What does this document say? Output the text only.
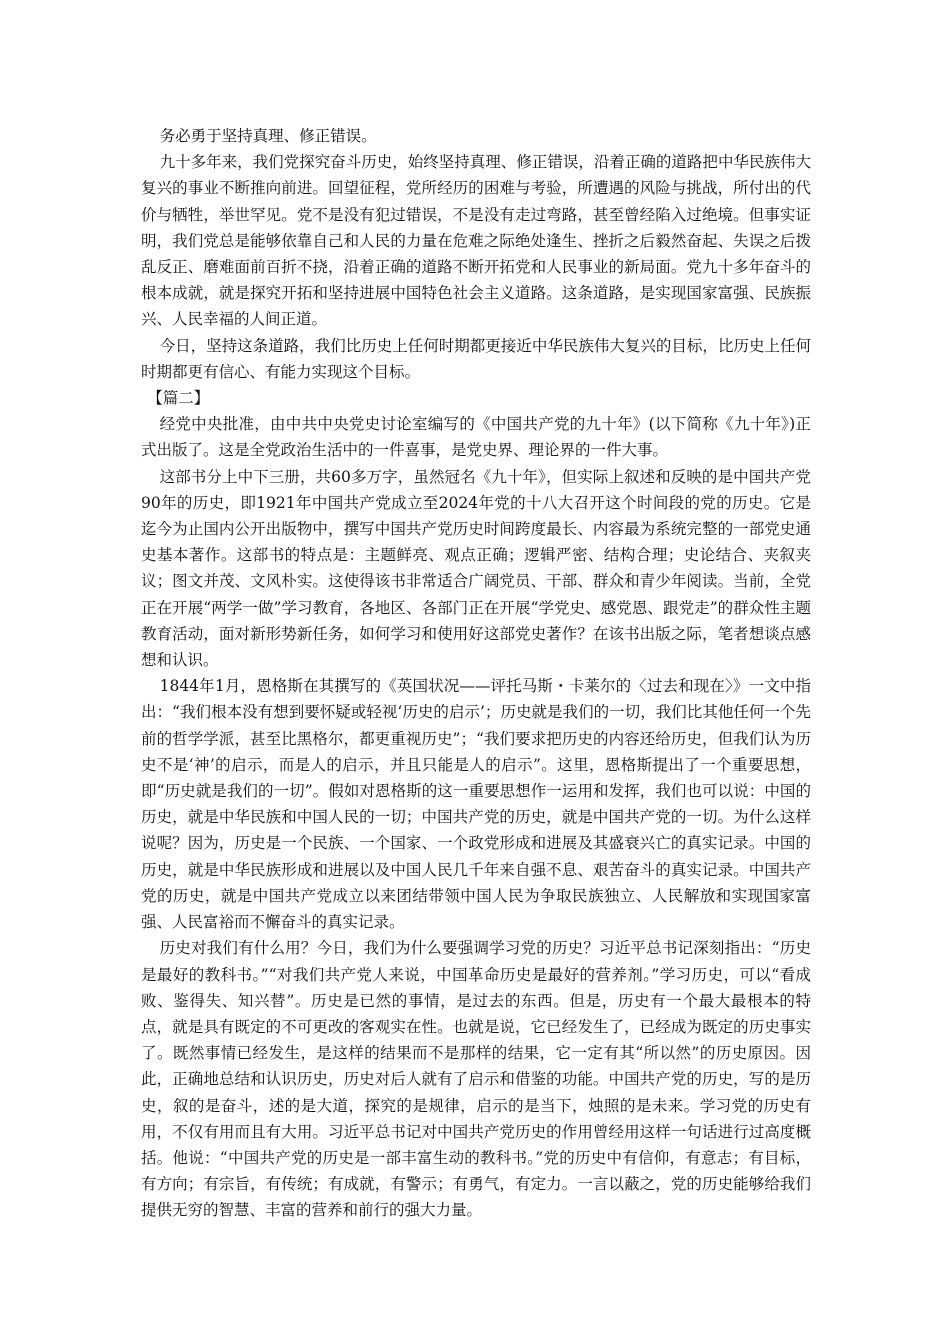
务必勇于坚持真理、修正错误。

九十多年来，我们党探究奋斗历史，始终坚持真理、修正错误，沿着正确的道路把中华民族伟大复兴的事业不断推向前进。回望征程，党所经历的困难与考验，所遭遇的风险与挑战，所付出的代价与牺牲，举世罕见。党不是没有犯过错误，不是没有走过弯路，甚至曾经陷入过绝境。但事实证明，我们党总是能够依靠自己和人民的力量在危难之际绝处逢生、挫折之后毅然奋起、失误之后拨乱反正、磨难面前百折不挠，沿着正确的道路不断开拓党和人民事业的新局面。党九十多年奋斗的根本成就，就是探究开拓和坚持进展中国特色社会主义道路。这条道路，是实现国家富强、民族振兴、人民幸福的人间正道。

今日，坚持这条道路，我们比历史上任何时期都更接近中华民族伟大复兴的目标，比历史上任何时期都更有信心、有能力实现这个目标。

【篇二】

经党中央批准，由中共中央党史讨论室编写的《中国共产党的九十年》(以下简称《九十年》)正式出版了。这是全党政治生活中的一件喜事，是党史界、理论界的一件大事。

这部书分上中下三册，共60多万字，虽然冠名《九十年》，但实际上叙述和反映的是中国共产党90年的历史，即1921年中国共产党成立至2024年党的十八大召开这个时间段的党的历史。它是迄今为止国内公开出版物中，撰写中国共产党历史时间跨度最长、内容最为系统完整的一部党史通史基本著作。这部书的特点是：主题鲜亮、观点正确；逻辑严密、结构合理；史论结合、夹叙夹议；图文并茂、文风朴实。这使得该书非常适合广阔党员、干部、群众和青少年阅读。当前，全党正在开展“两学一做”学习教育，各地区、各部门正在开展“学党史、感党恩、跟党走”的群众性主题教育活动，面对新形势新任务，如何学习和使用好这部党史著作？在该书出版之际，笔者想谈点感想和认识。

1844年1月，恩格斯在其撰写的《英国状况——评托马斯・卡莱尔的〈过去和现在〉》一文中指出：“我们根本没有想到要怀疑或轻视‘历史的启示’；历史就是我们的一切，我们比其他任何一个先前的哲学学派，甚至比黑格尔，都更重视历史”；“我们要求把历史的内容还给历史，但我们认为历史不是‘神’的启示，而是人的启示，并且只能是人的启示”。这里，恩格斯提出了一个重要思想，即“历史就是我们的一切”。假如对恩格斯的这一重要思想作一运用和发挥，我们也可以说：中国的历史，就是中华民族和中国人民的一切；中国共产党的历史，就是中国共产党的一切。为什么这样说呢？因为，历史是一个民族、一个国家、一个政党形成和进展及其盛衰兴亡的真实记录。中国的历史，就是中华民族形成和进展以及中国人民几千年来自强不息、艰苦奋斗的真实记录。中国共产党的历史，就是中国共产党成立以来团结带领中国人民为争取民族独立、人民解放和实现国家富强、人民富裕而不懈奋斗的真实记录。

历史对我们有什么用？今日，我们为什么要强调学习党的历史？习近平总书记深刻指出：“历史是最好的教科书。”“对我们共产党人来说，中国革命历史是最好的营养剂。”学习历史，可以“看成败、鉴得失、知兴替”。历史是已然的事情，是过去的东西。但是，历史有一个最大最根本的特点，就是具有既定的不可更改的客观实在性。也就是说，它已经发生了，已经成为既定的历史事实了。既然事情已经发生，是这样的结果而不是那样的结果，它一定有其“所以然”的历史原因。因此，正确地总结和认识历史，历史对后人就有了启示和借鉴的功能。中国共产党的历史，写的是历史，叙的是奋斗，述的是大道，探究的是规律，启示的是当下，烛照的是未来。学习党的历史有用，不仅有用而且有大用。习近平总书记对中国共产党历史的作用曾经用这样一句话进行过高度概括。他说：“中国共产党的历史是一部丰富生动的教科书。”党的历史中有信仰，有意志；有目标，有方向；有宗旨，有传统；有成就，有警示；有勇气，有定力。一言以蔽之，党的历史能够给我们提供无穷的智慧、丰富的营养和前行的强大力量。
